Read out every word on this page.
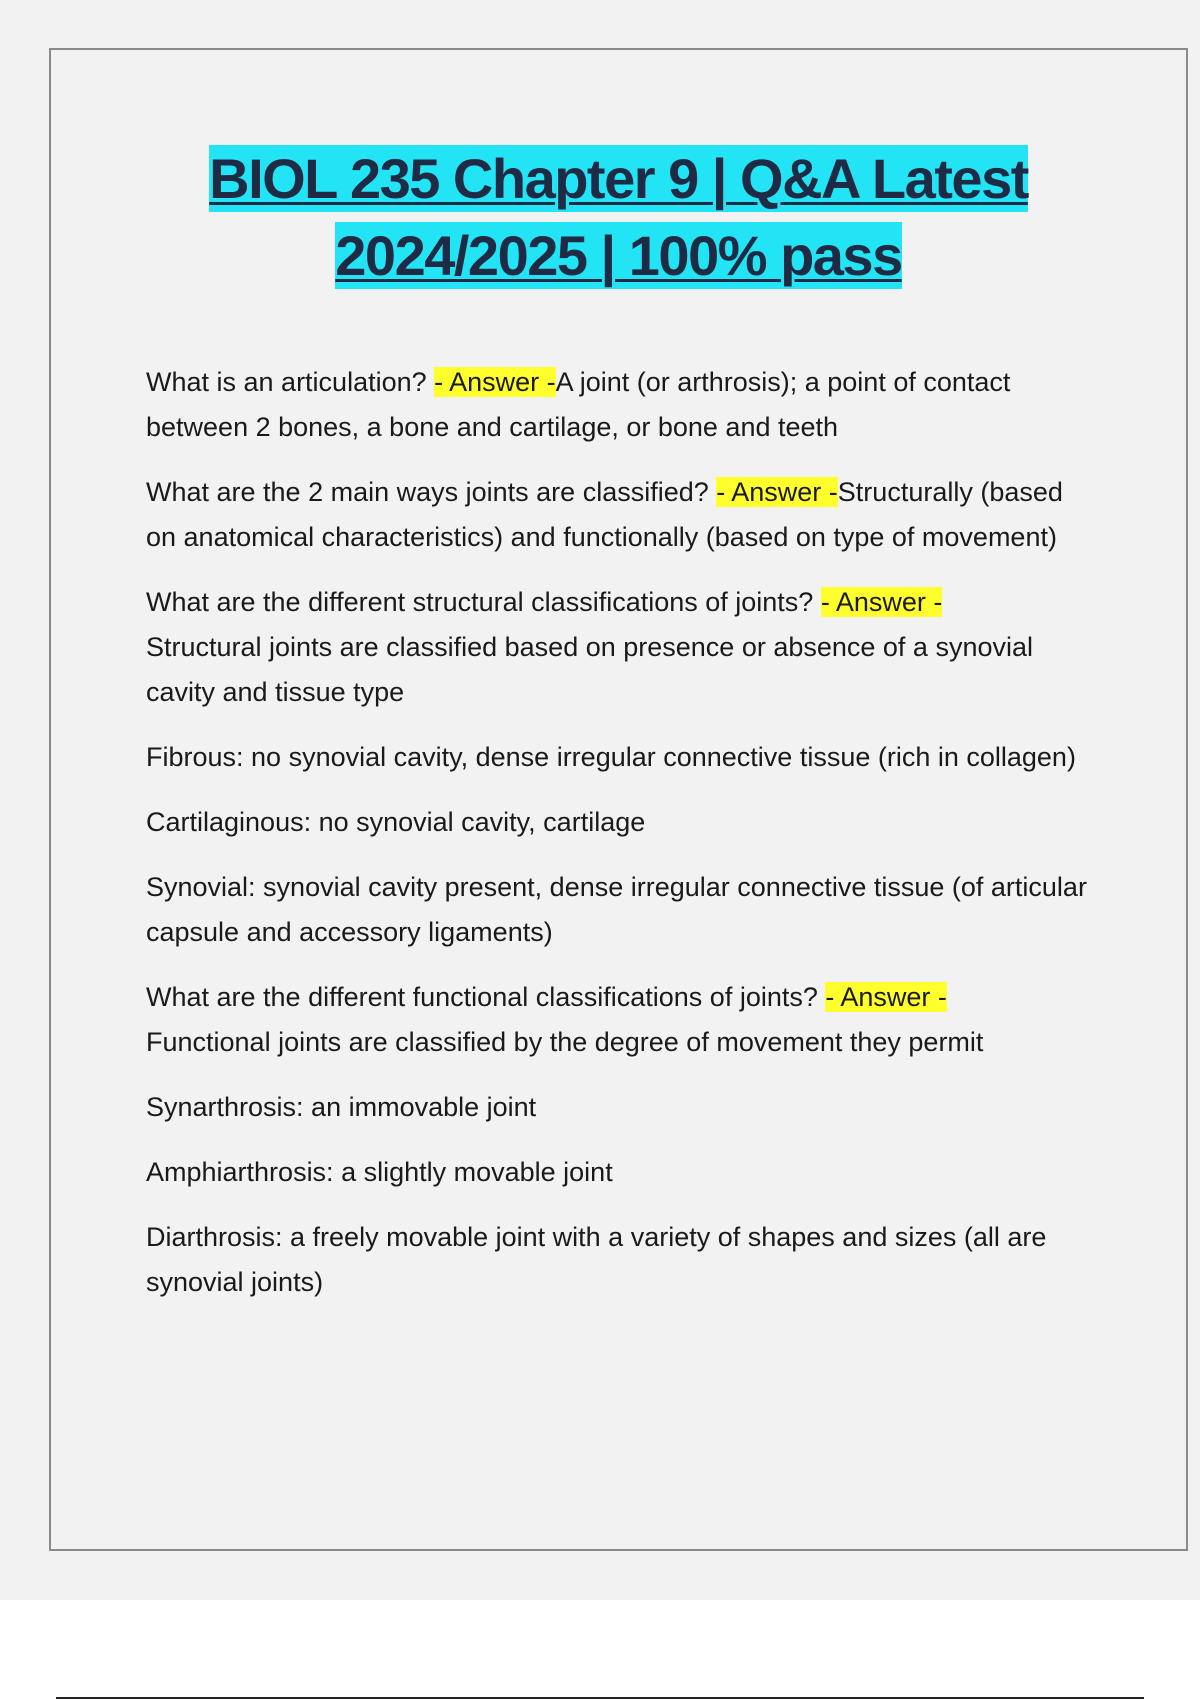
BIOL 235 Chapter 9 | Q&A Latest
2024/2025 | 100% pass

What is an articulation? - Answer -A joint (or arthrosis); a point of contact between 2 bones, a bone and cartilage, or bone and teeth

What are the 2 main ways joints are classified? - Answer -Structurally (based on anatomical characteristics) and functionally (based on type of movement)

What are the different structural classifications of joints? - Answer -
Structural joints are classified based on presence or absence of a synovial cavity and tissue type

Fibrous: no synovial cavity, dense irregular connective tissue (rich in collagen)

Cartilaginous: no synovial cavity, cartilage

Synovial: synovial cavity present, dense irregular connective tissue (of articular capsule and accessory ligaments)

What are the different functional classifications of joints? - Answer -
Functional joints are classified by the degree of movement they permit

Synarthrosis: an immovable joint

Amphiarthrosis: a slightly movable joint

Diarthrosis: a freely movable joint with a variety of shapes and sizes (all are synovial joints)
